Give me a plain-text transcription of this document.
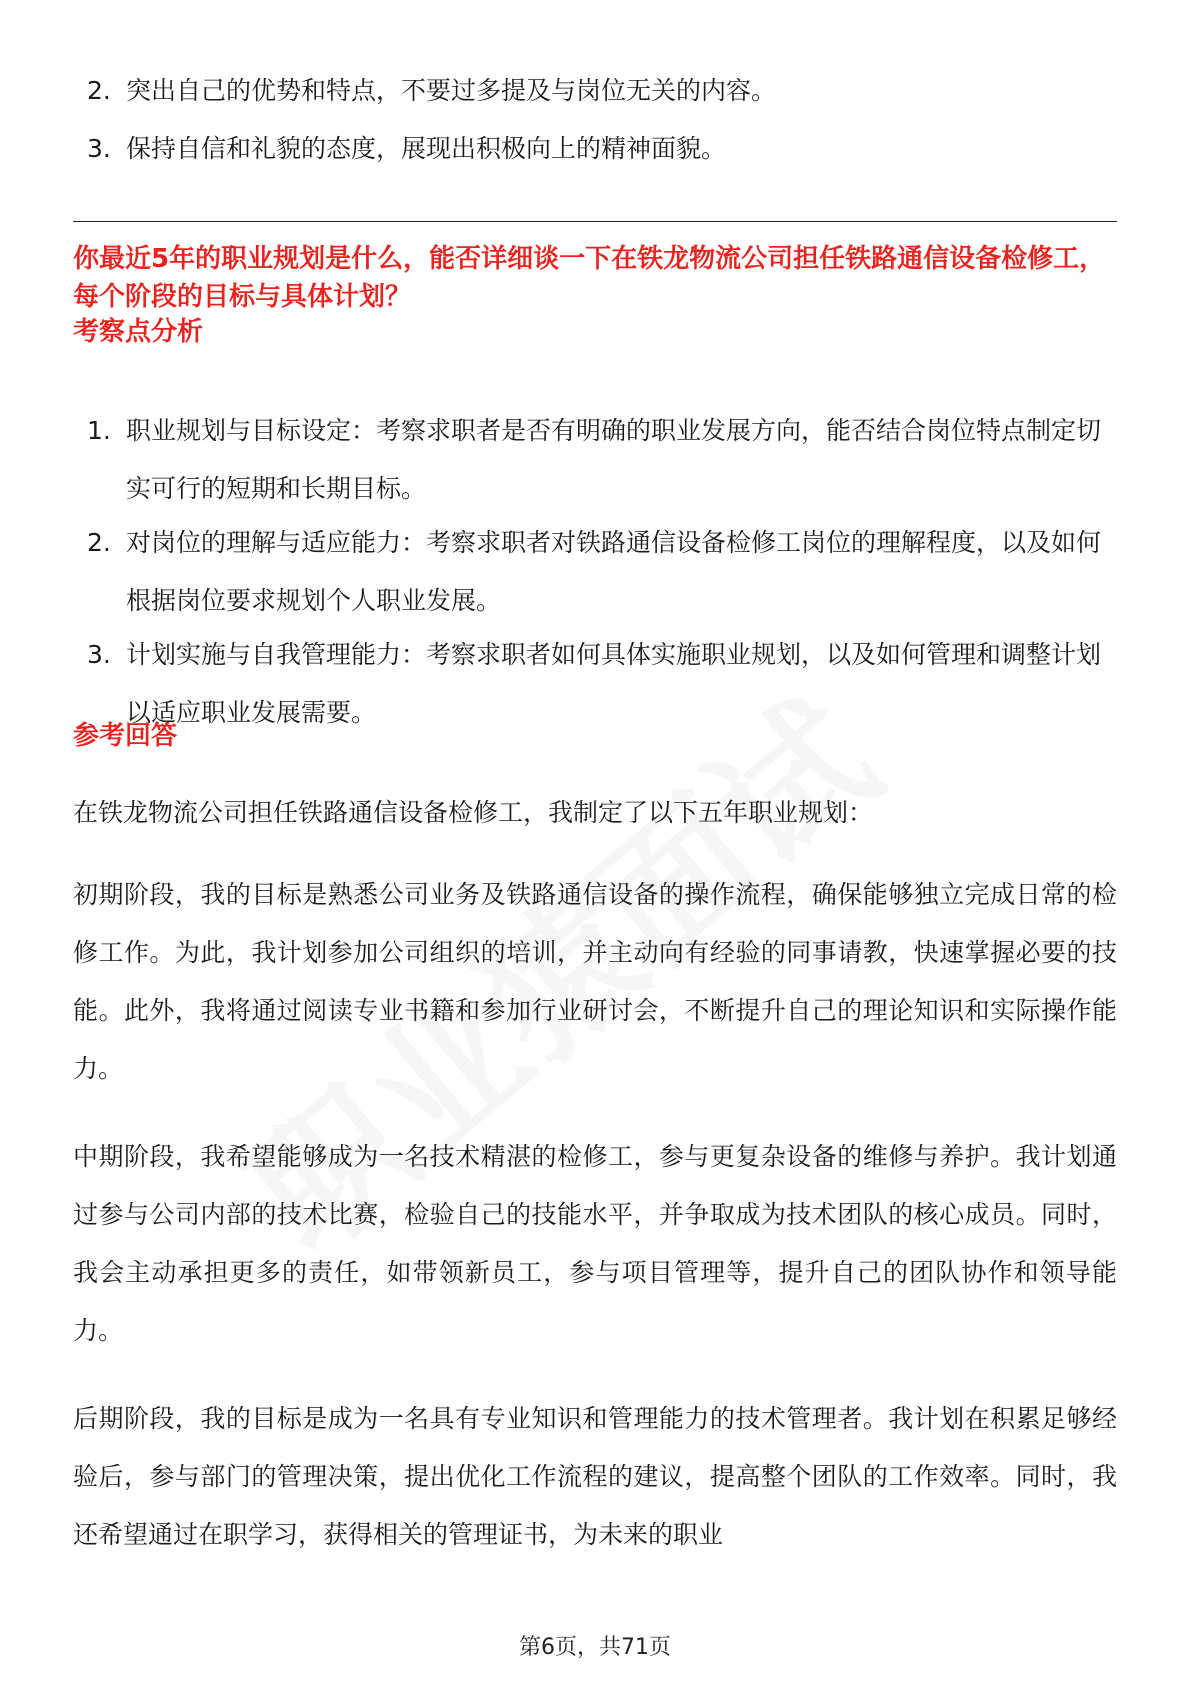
2. 突出自己的优势和特点，不要过多提及与岗位无关的内容。
3. 保持自信和礼貌的态度，展现出积极向上的精神面貌。
你最近5年的职业规划是什么，能否详细谈一下在铁龙物流公司担任铁路通信设备检修工，每个阶段的目标与具体计划？
考察点分析
1. 职业规划与目标设定：考察求职者是否有明确的职业发展方向，能否结合岗位特点制定切实可行的短期和长期目标。
2. 对岗位的理解与适应能力：考察求职者对铁路通信设备检修工岗位的理解程度，以及如何根据岗位要求规划个人职业发展。
3. 计划实施与自我管理能力：考察求职者如何具体实施职业规划，以及如何管理和调整计划以适应职业发展需要。
参考回答

在铁龙物流公司担任铁路通信设备检修工，我制定了以下五年职业规划：

初期阶段，我的目标是熟悉公司业务及铁路通信设备的操作流程，确保能够独立完成日常的检修工作。为此，我计划参加公司组织的培训，并主动向有经验的同事请教，快速掌握必要的技能。此外，我将通过阅读专业书籍和参加行业研讨会，不断提升自己的理论知识和实际操作能力。

中期阶段，我希望能够成为一名技术精湛的检修工，参与更复杂设备的维修与养护。我计划通过参与公司内部的技术比赛，检验自己的技能水平，并争取成为技术团队的核心成员。同时，我会主动承担更多的责任，如带领新员工，参与项目管理等，提升自己的团队协作和领导能力。

后期阶段，我的目标是成为一名具有专业知识和管理能力的技术管理者。我计划在积累足够经验后，参与部门的管理决策，提出优化工作流程的建议，提高整个团队的工作效率。同时，我还希望通过在职学习，获得相关的管理证书，为未来的职业

第6页，共71页
